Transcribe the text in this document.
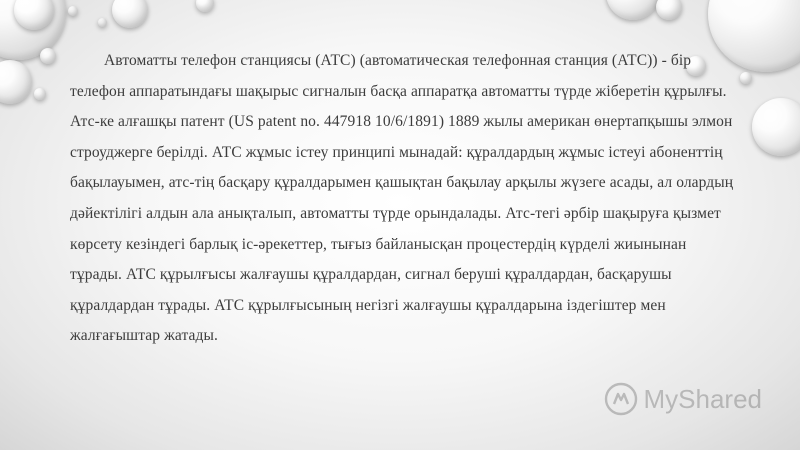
Автоматты телефон станциясы (АТС) (автоматическая телефонная станция (АТС)) - бір телефон аппаратындағы шақырыс сигналын басқа аппаратқа автоматты түрде жіберетін құрылғы. Атс-ке алғашқы патент (US patent no. 447918 10/6/1891) 1889 жылы америкaн өнертапқышы элмон строуджерге берілді. АТС жұмыс істеу принципі мынадай: құралдардың жұмыс істеуі абоненттің бақылауымен, атс-тің басқару құралдарымен қашықтан бақылау арқылы жүзеге асады, ал олардың дәйектілігі алдын ала анықталып, автоматты түрде орындалады. Атс-тегі әрбір шақыруға қызмет көрсету кезіндегі барлық іс-әрекеттер, тығыз байланысқан процестердің күрделі жиынынан тұрады. АТС құрылғысы жалғаушы құралдардан, сигнал беруші құралдардан, басқарушы құралдардан тұрады. АТС құрылғысының негізгі жалғаушы құралдарына іздегіштер мен жалғағыштар жатады.

MyShared
